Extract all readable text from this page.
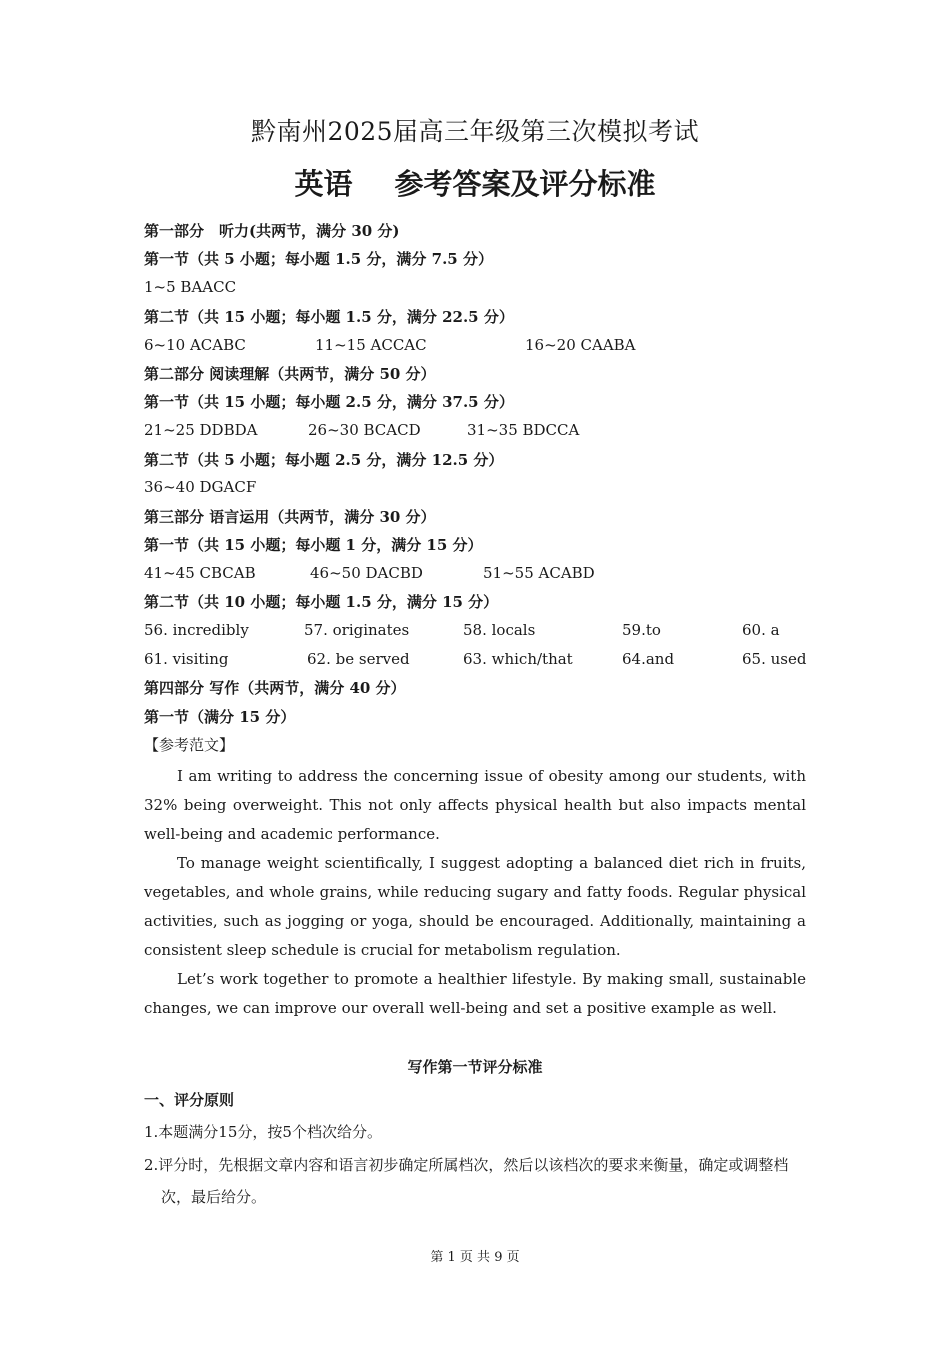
黔南州2025届高三年级第三次模拟考试
英语 参考答案及评分标准
第一部分　听力(共两节，满分 30 分)
第一节（共 5 小题；每小题 1.5 分，满分 7.5 分）
1~5 BAACC
第二节（共 15 小题；每小题 1.5 分，满分 22.5 分）
6~10 ACABC	11~15 ACCAC	16~20 CAABA
第二部分 阅读理解（共两节，满分 50 分）
第一节（共 15 小题；每小题 2.5 分，满分 37.5 分）
21~25 DDBDA	26~30 BCACD	31~35 BDCCA
第二节（共 5 小题；每小题 2.5 分，满分 12.5 分）
36~40 DGACF
第三部分 语言运用（共两节，满分 30 分）
第一节（共 15 小题；每小题 1 分，满分 15 分）
41~45 CBCAB	46~50 DACBD	51~55 ACABD
第二节（共 10 小题；每小题 1.5 分，满分 15 分）
56. incredibly	57. originates	58. locals	59.to	60. a
61. visiting	62. be served	63. which/that	64.and	65. used
第四部分 写作（共两节，满分 40 分）
第一节（满分 15 分）
【参考范文】
I am writing to address the concerning issue of obesity among our students, with 32% being overweight. This not only affects physical health but also impacts mental well-being and academic performance.
To manage weight scientifically, I suggest adopting a balanced diet rich in fruits, vegetables, and whole grains, while reducing sugary and fatty foods. Regular physical activities, such as jogging or yoga, should be encouraged. Additionally, maintaining a consistent sleep schedule is crucial for metabolism regulation.
Let’s work together to promote a healthier lifestyle. By making small, sustainable changes, we can improve our overall well-being and set a positive example as well.
写作第一节评分标准
一、评分原则
1.本题满分15分，按5个档次给分。
2.评分时，先根据文章内容和语言初步确定所属档次，然后以该档次的要求来衡量，确定或调整档次，最后给分。
第 1 页 共 9 页
